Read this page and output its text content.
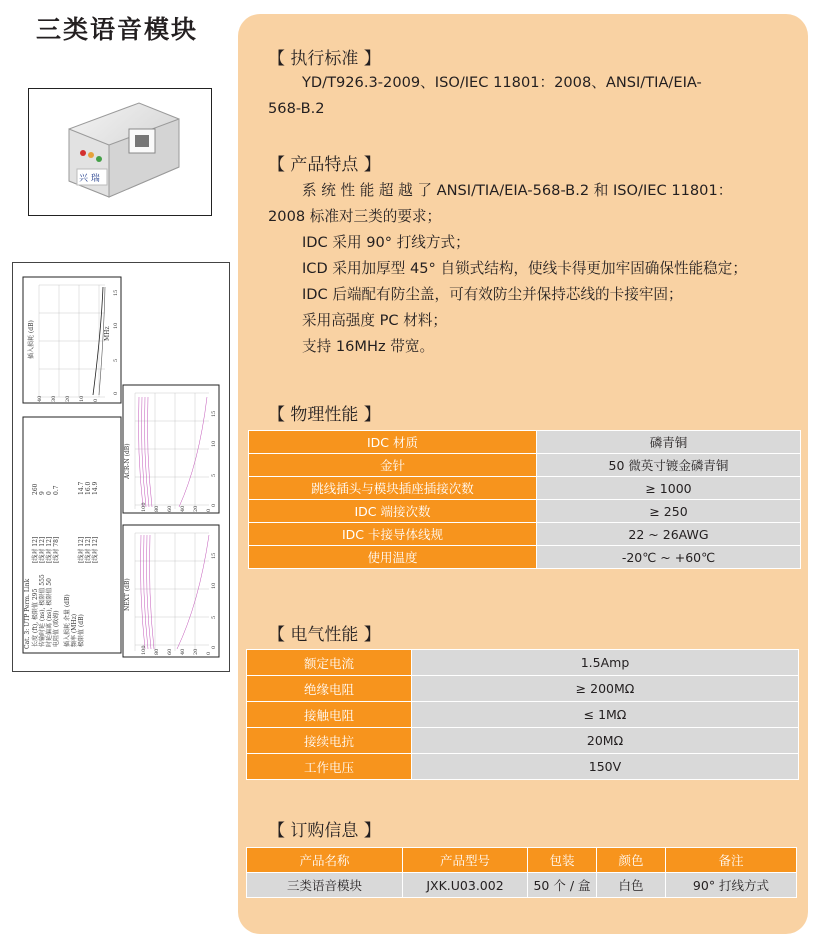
三类语音模块
兴 瑞
插入损耗 (dB)	MHz
Cat. 3: UTP Perm. Link 长度 (ft), 极限值 295 传输时延 (ns), 极限值 555 时延偏离 (ns), 极限值 50 电阻值 (欧姆) 插入损耗 余量 (dB) 频率 (MHz) 极限值 (dB)
[线对 12] [线对 12] [线对 12] [线对 78]
260 9 0 0.7
[线对 12] [线对 12] [线对 12]
14.7 16.0 14.9
ACR-N (dB)
NEXT (dB)
0
0
0
5
5
5
10
10
10
15
15
15
100
100
80
80
60
60
40
40
20
20
0
0
40 30 20 10 0
【 执行标准 】
YD/T926.3-2009、ISO/IEC 11801：2008、ANSI/TIA/EIA-
568-B.2
【 产品特点 】
系 统 性 能 超 越 了 ANSI/TIA/EIA-568-B.2 和 ISO/IEC 11801：
2008 标准对三类的要求；
IDC 采用 90° 打线方式；
ICD 采用加厚型 45° 自锁式结构，使线卡得更加牢固确保性能稳定；
IDC 后端配有防尘盖，可有效防尘并保持芯线的卡接牢固；
采用高强度 PC 材料；
支持 16MHz 带宽。
【 物理性能 】
IDC 材质	磷青铜
金针	50 微英寸镀金磷青铜
跳线插头与模块插座插接次数	≥ 1000
IDC 端接次数	≥ 250
IDC 卡接导体线规	22 ~ 26AWG
使用温度	-20℃ ~ +60℃
【 电气性能 】
额定电流	1.5Amp
绝缘电阻	≥ 200MΩ
接触电阻	≤ 1MΩ
接续电抗	20MΩ
工作电压	150V
【 订购信息 】
产品名称	产品型号	包装	颜色	备注
三类语音模块	JXK.U03.002	50 个 / 盒	白色	90° 打线方式
